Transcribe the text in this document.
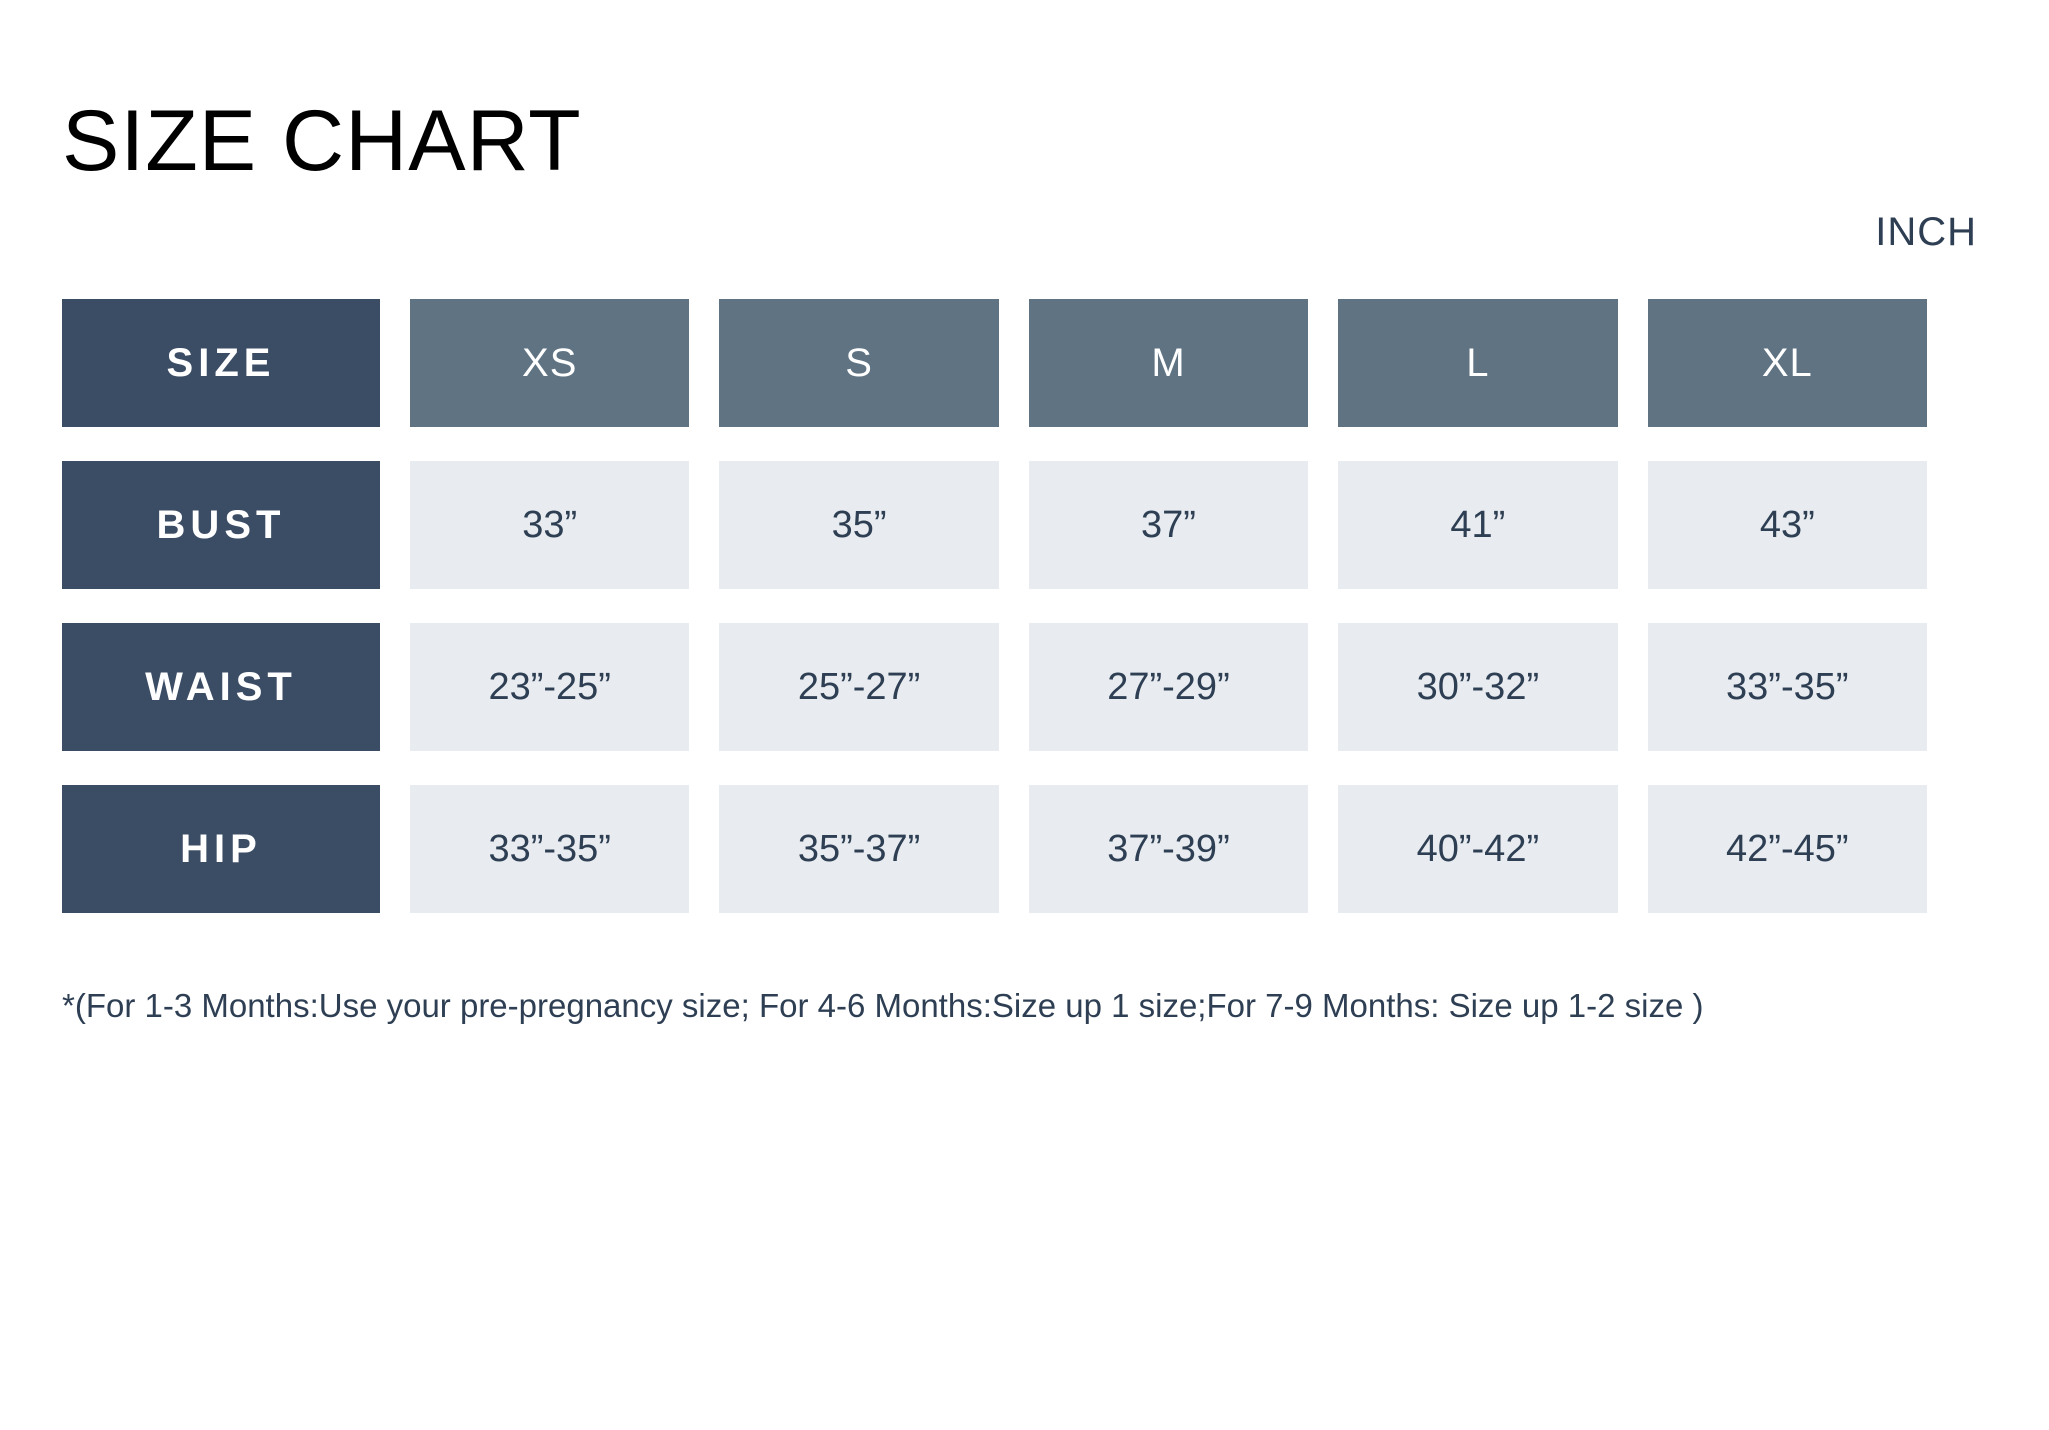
SIZE CHART
INCH
SIZE	XS	S	M	L	XL
BUST	33”	35”	37”	41”	43”
WAIST	23”-25”	25”-27”	27”-29”	30”-32”	33”-35”
HIP	33”-35”	35”-37”	37”-39”	40”-42”	42”-45”
*(For 1-3 Months:Use your pre-pregnancy size; For 4-6 Months:Size up 1 size;For 7-9 Months: Size up 1-2 size )
